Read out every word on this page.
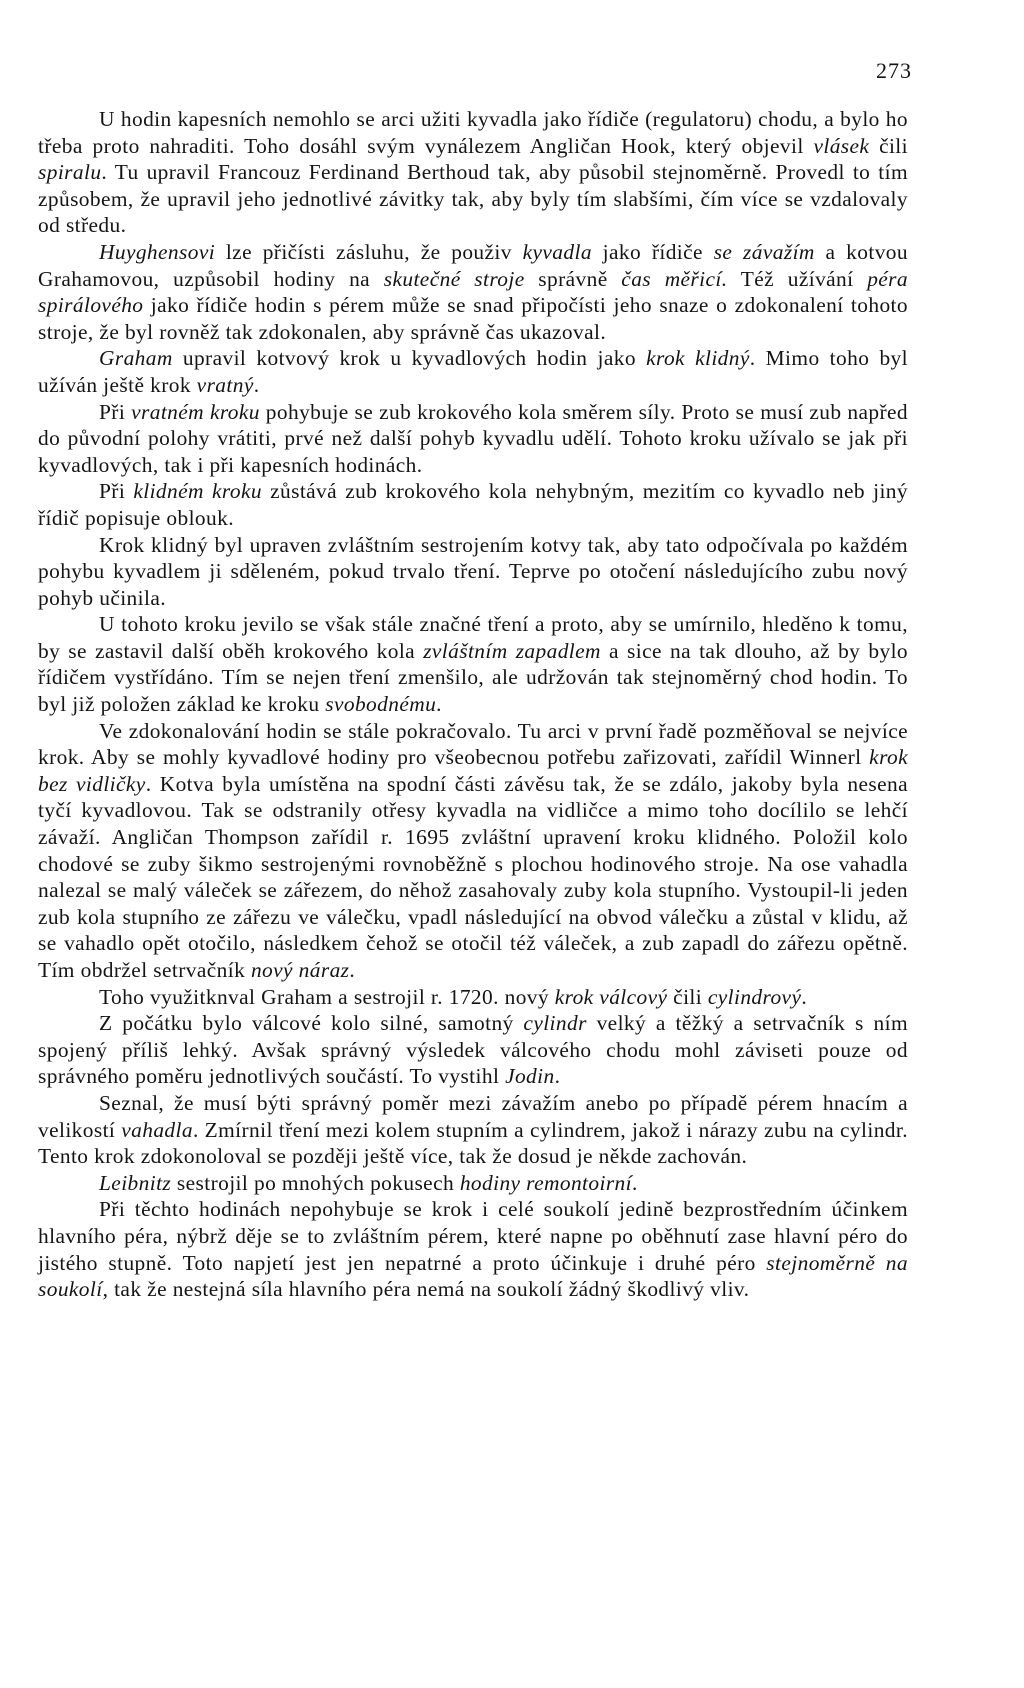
273

U hodin kapesních nemohlo se arci užiti kyvadla jako řídiče (regulatoru) chodu, a bylo ho třeba proto nahraditi. Toho dosáhl svým vynálezem Angličan Hook, který objevil vlásek čili spiralu. Tu upravil Francouz Ferdinand Berthoud tak, aby působil stejnoměrně. Provedl to tím způsobem, že upravil jeho jednotlivé závitky tak, aby byly tím slabšími, čím více se vzdalovaly od středu.

Huyghensovi lze přičísti zásluhu, že použiv kyvadla jako řídiče se závažím a kotvou Grahamovou, uzpůsobil hodiny na skutečné stroje správně čas měřicí. Též užívání péra spirálového jako řídiče hodin s pérem může se snad připočísti jeho snaze o zdokonalení tohoto stroje, že byl rovněž tak zdokonalen, aby správně čas ukazoval.

Graham upravil kotvový krok u kyvadlových hodin jako krok klidný. Mimo toho byl užíván ještě krok vratný.

Při vratném kroku pohybuje se zub krokového kola směrem síly. Proto se musí zub napřed do původní polohy vrátiti, prvé než další pohyb kyvadlu udělí. Tohoto kroku užívalo se jak při kyvadlových, tak i při kapesních hodinách.

Při klidném kroku zůstává zub krokového kola nehybným, mezitím co kyvadlo neb jiný řídič popisuje oblouk.

Krok klidný byl upraven zvláštním sestrojením kotvy tak, aby tato odpočívala po každém pohybu kyvadlem ji sděleném, pokud trvalo tření. Teprve po otočení následujícího zubu nový pohyb učinila.

U tohoto kroku jevilo se však stále značné tření a proto, aby se umírnilo, hleděno k tomu, by se zastavil další oběh krokového kola zvláštním zapadlem a sice na tak dlouho, až by bylo řídičem vystřídáno. Tím se nejen tření zmenšilo, ale udržován tak stejnoměrný chod hodin. To byl již položen základ ke kroku svobodnému.

Ve zdokonalování hodin se stále pokračovalo. Tu arci v první řadě pozměňoval se nejvíce krok. Aby se mohly kyvadlové hodiny pro všeobecnou potřebu zařizovati, zařídil Winnerl krok bez vidličky. Kotva byla umístěna na spodní části závěsu tak, že se zdálo, jakoby byla nesena tyčí kyvadlovou. Tak se odstranily otřesy kyvadla na vidličce a mimo toho docílilo se lehčí závaží. Angličan Thompson zařídil r. 1695 zvláštní upravení kroku klidného. Položil kolo chodové se zuby šikmo sestrojenými rovnoběžně s plochou hodinového stroje. Na ose vahadla nalezal se malý váleček se zářezem, do něhož zasahovaly zuby kola stupního. Vystoupil-li jeden zub kola stupního ze zářezu ve válečku, vpadl následující na obvod válečku a zůstal v klidu, až se vahadlo opět otočilo, následkem čehož se otočil též váleček, a zub zapadl do zářezu opětně. Tím obdržel setrvačník nový náraz.

Toho využitknval Graham a sestrojil r. 1720. nový krok válcový čili cylindrový.

Z počátku bylo válcové kolo silné, samotný cylindr velký a těžký a setrvačník s ním spojený příliš lehký. Avšak správný výsledek válcového chodu mohl záviseti pouze od správného poměru jednotlivých součástí. To vystihl Jodin.

Seznal, že musí býti správný poměr mezi závažím anebo po případě pérem hnacím a velikostí vahadla. Zmírnil tření mezi kolem stupním a cylindrem, jakož i nárazy zubu na cylindr. Tento krok zdokonoloval se později ještě více, tak že dosud je někde zachován.

Leibnitz sestrojil po mnohých pokusech hodiny remontoirní.

Při těchto hodinách nepohybuje se krok i celé soukolí jedině bezprostředním účinkem hlavního péra, nýbrž děje se to zvláštním pérem, které napne po oběhnutí zase hlavní péro do jistého stupně. Toto napjetí jest jen nepatrné a proto účinkuje i druhé péro stejnoměrně na soukolí, tak že nestejná síla hlavního péra nemá na soukolí žádný škodlivý vliv.
